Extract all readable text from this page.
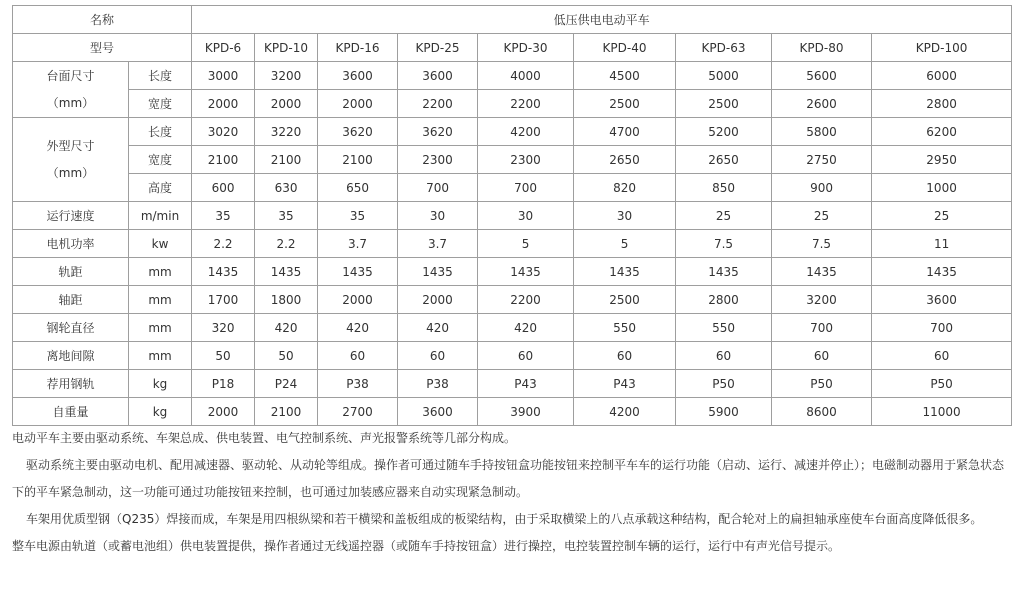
名称		低压供电电动平车								
型号		KPD-6	KPD-10	KPD-16	KPD-25	KPD-30	KPD-40	KPD-63	KPD-80	KPD-100

台面尺寸
（mm）	长度	3000	3200	3600	3600	4000	4500	5000	5600	6000
	宽度	2000	2000	2000	2200	2200	2500	2500	2600	2800

外型尺寸
（mm）	长度	3020	3220	3620	3620	4200	4700	5200	5800	6200
	宽度	2100	2100	2100	2300	2300	2650	2650	2750	2950
	高度	600	630	650	700	700	820	850	900	1000
运行速度	m/min	35	35	35	30	30	30	25	25	25
电机功率	kw	2.2	2.2	3.7	3.7	5	5	7.5	7.5	11
轨距	mm	1435	1435	1435	1435	1435	1435	1435	1435	1435
轴距	mm	1700	1800	2000	2000	2200	2500	2800	3200	3600
钢轮直径	mm	320	420	420	420	420	550	550	700	700
离地间隙	mm	50	50	60	60	60	60	60	60	60
荐用钢轨	kg	P18	P24	P38	P38	P43	P43	P50	P50	P50
自重量	kg	2000	2100	2700	3600	3900	4200	5900	8600	11000

电动平车主要由驱动系统、车架总成、供电装置、电气控制系统、声光报警系统等几部分构成。

驱动系统主要由驱动电机、配用减速器、驱动轮、从动轮等组成。操作者可通过随车手持按钮盒功能按钮来控制平车车的运行功能（启动、运行、减速并停止）；电磁制动器用于紧急状态下的平车紧急制动，这一功能可通过功能按钮来控制，也可通过加装感应器来自动实现紧急制动。

车架用优质型钢（Q235）焊接而成，车架是用四根纵梁和若干横梁和盖板组成的板梁结构，由于采取横梁上的八点承载这种结构，配合轮对上的扁担轴承座使车台面高度降低很多。

整车电源由轨道（或蓄电池组）供电装置提供，操作者通过无线遥控器（或随车手持按钮盒）进行操控，电控装置控制车辆的运行，运行中有声光信号提示。
